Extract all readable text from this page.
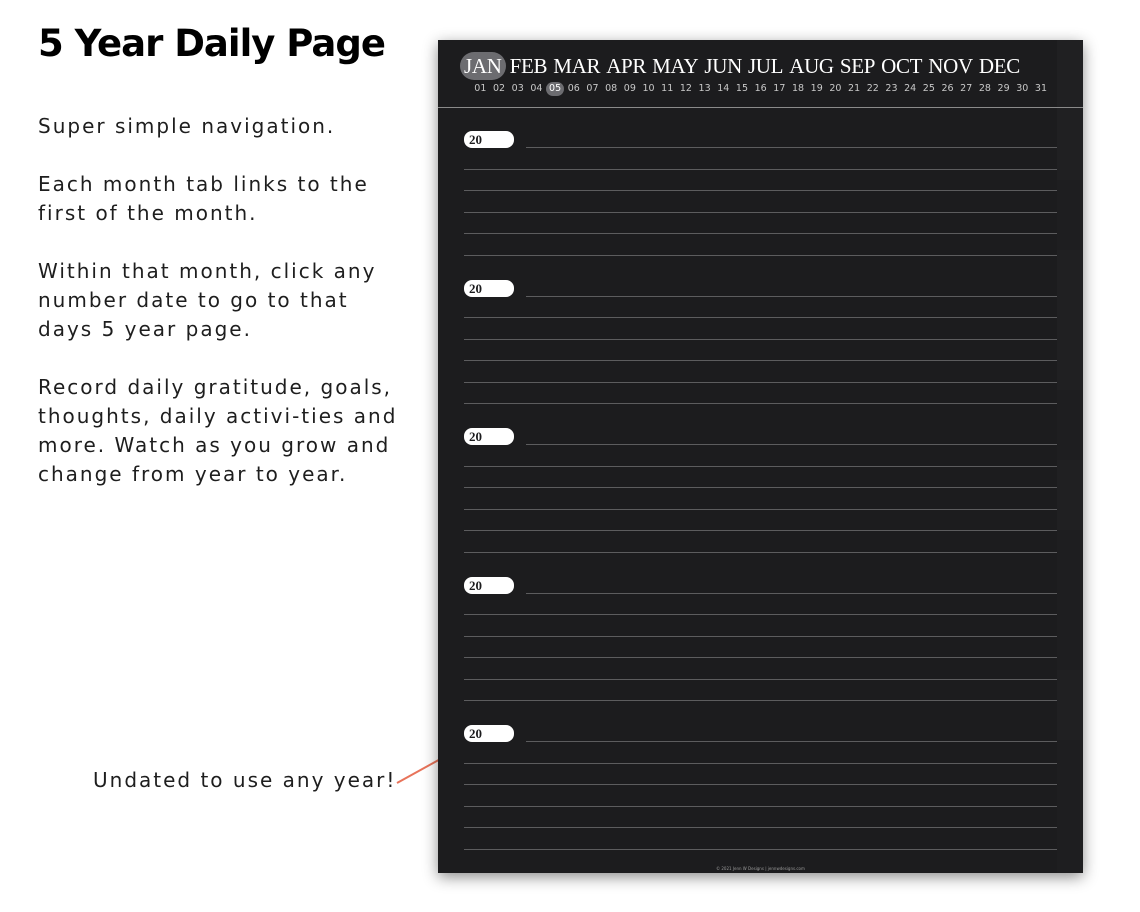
5 Year Daily Page

Super simple navigation.

Each month tab links to the first of the month.

Within that month, click any number date to go to that days 5 year page.

Record daily gratitude, goals, thoughts, daily activi-ties and more. Watch as you grow and change from year to year.

Undated to use any year!
JAN FEB MAR APR MAY JUN JUL AUG SEP OCT NOV DEC
01 02 03 04 05 06 07 08 09 10 11 12 13 14 15 16 17 18 19 20 21 22 23 24 25 26 27 28 29 30 31
20
20
20
20
20
© 2021 Jenn W Designs | jennwdesigns.com
